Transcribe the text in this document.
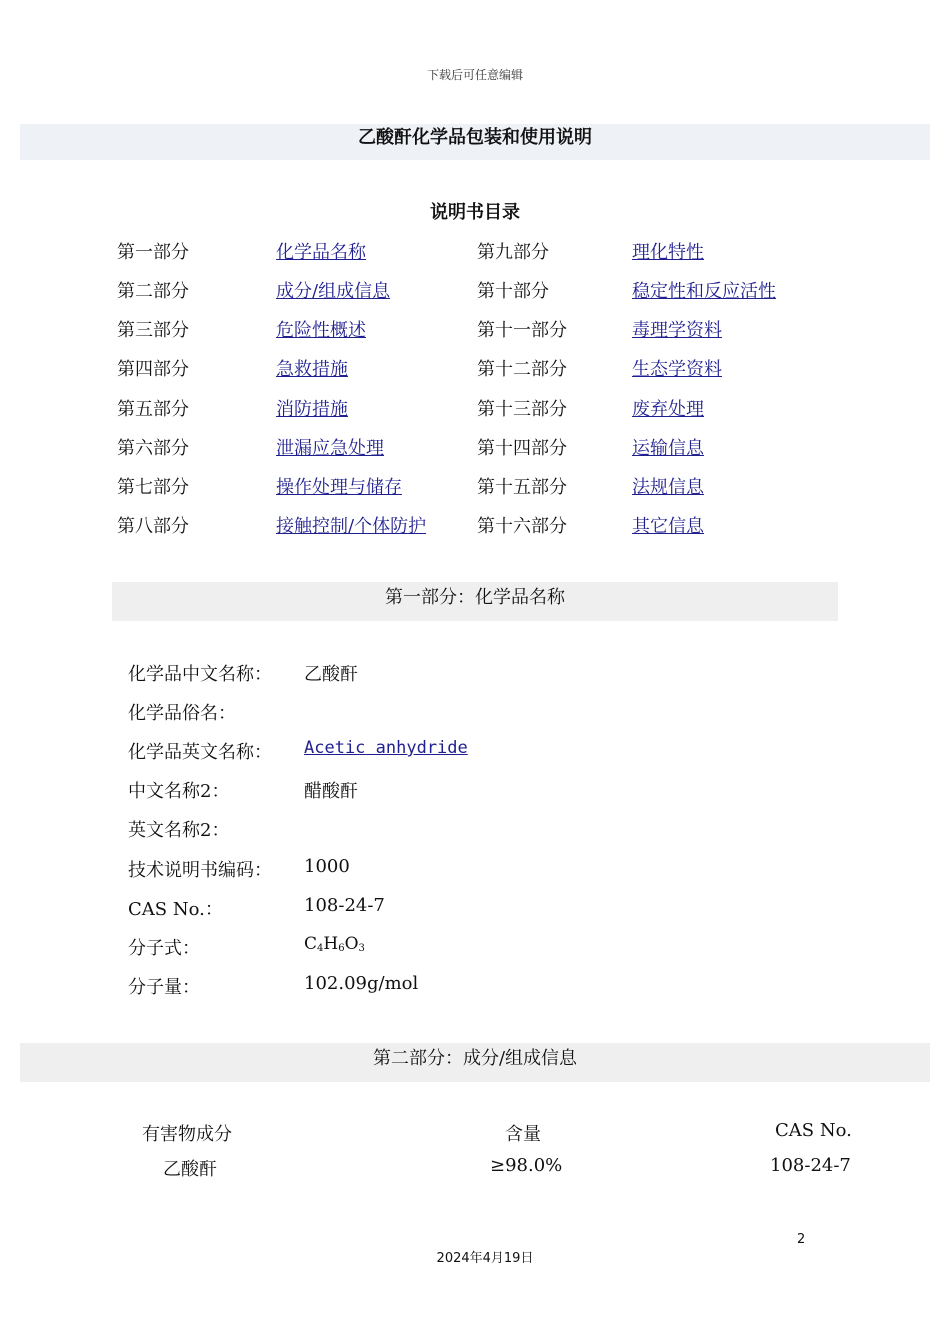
下载后可任意编辑
乙酸酐化学品包装和使用说明
说明书目录
第一部分	化学品名称	第九部分	理化特性
第二部分	成分/组成信息	第十部分	稳定性和反应活性
第三部分	危险性概述	第十一部分	毒理学资料
第四部分	急救措施	第十二部分	生态学资料
第五部分	消防措施	第十三部分	废弃处理
第六部分	泄漏应急处理	第十四部分	运输信息
第七部分	操作处理与储存	第十五部分	法规信息
第八部分	接触控制/个体防护	第十六部分	其它信息
第一部分：化学品名称
化学品中文名称： 乙酸酐
化学品俗名：
化学品英文名称： Acetic anhydride
中文名称2：	醋酸酐
英文名称2：
技术说明书编码： 1000
CAS No.：	108-24-7
分子式：	$C_4H_6O_3$
分子量：	102.09g/mol
第二部分：成分/组成信息
有害物成分	含量	CAS No.
乙酸酐	≥98.0%	108-24-7
2
2024年4月19日
